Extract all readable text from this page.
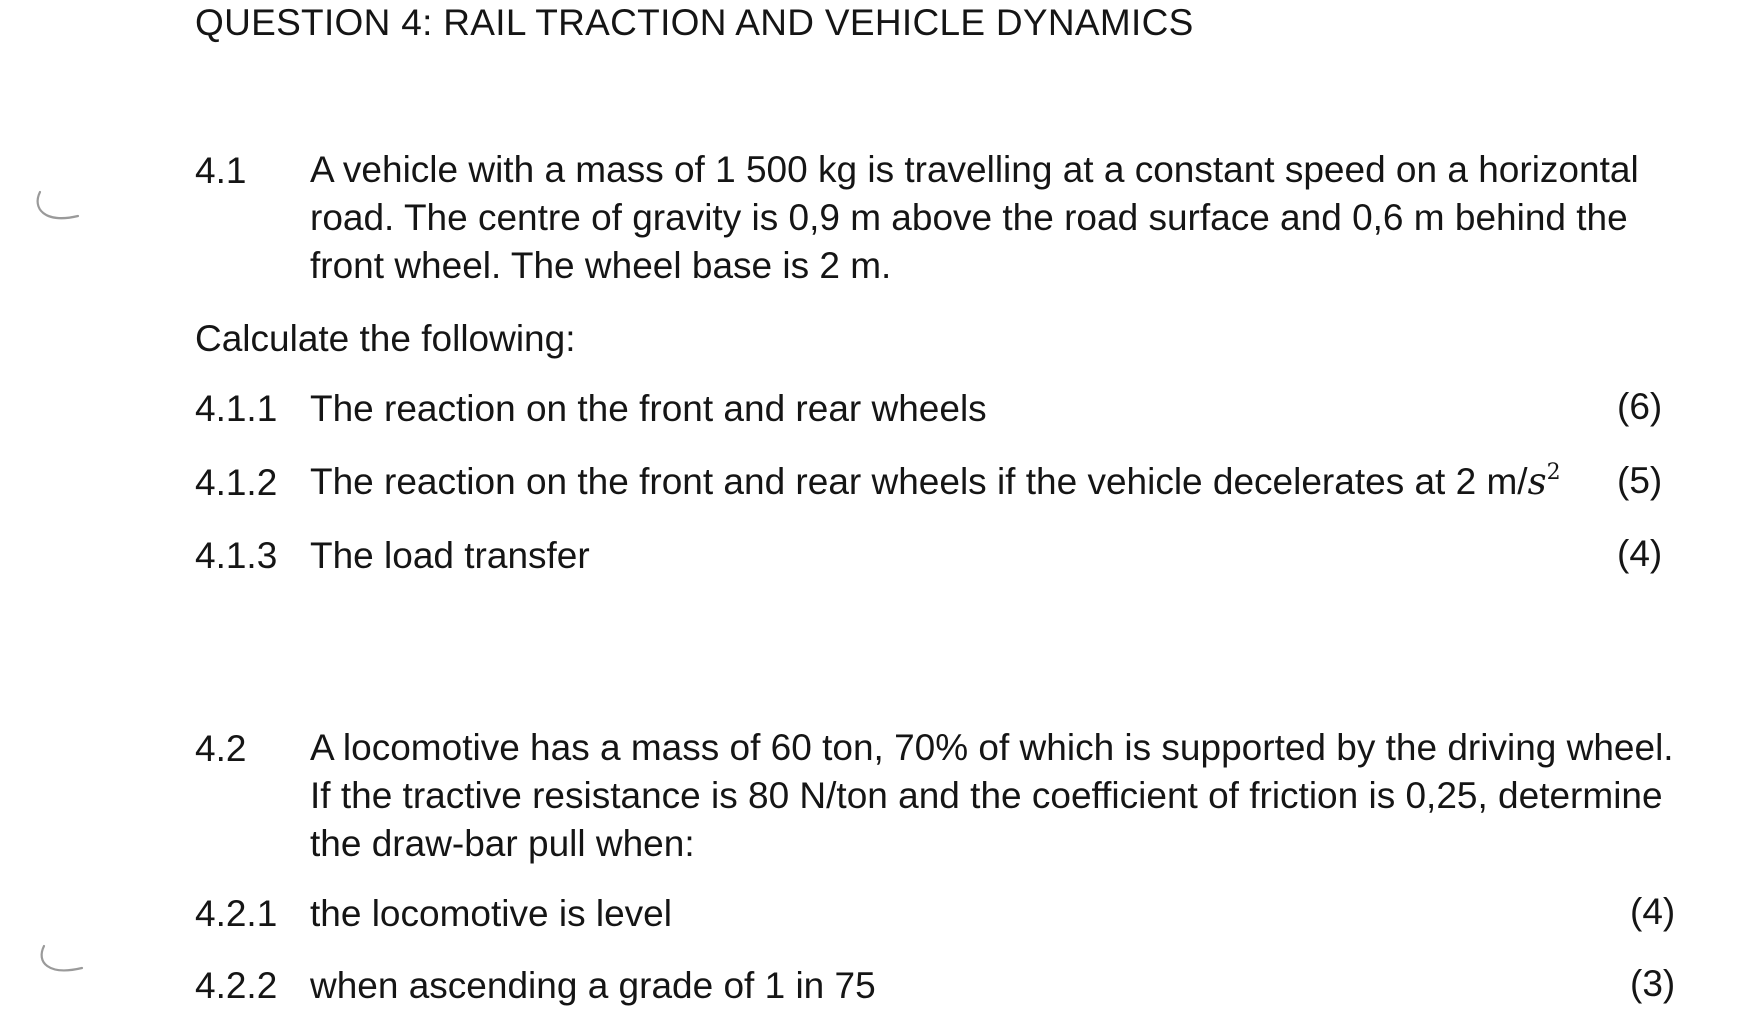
QUESTION 4: RAIL TRACTION AND VEHICLE DYNAMICS
4.1 A vehicle with a mass of 1 500 kg is travelling at a constant speed on a horizontal
road. The centre of gravity is 0,9 m above the road surface and 0,6 m behind the
front wheel. The wheel base is 2 m.
Calculate the following:
4.1.1 The reaction on the front and rear wheels	(6)
4.1.2 The reaction on the front and rear wheels if the vehicle decelerates at 2 $m/s^2$ (5)
4.1.3 The load transfer	(4)
4.2 A locomotive has a mass of 60 ton, 70% of which is supported by the driving wheel.
If the tractive resistance is 80 N/ton and the coefficient of friction is 0,25, determine
the draw-bar pull when:
4.2.1 the locomotive is level	(4)
4.2.2 when ascending a grade of 1 in 75	(3)
